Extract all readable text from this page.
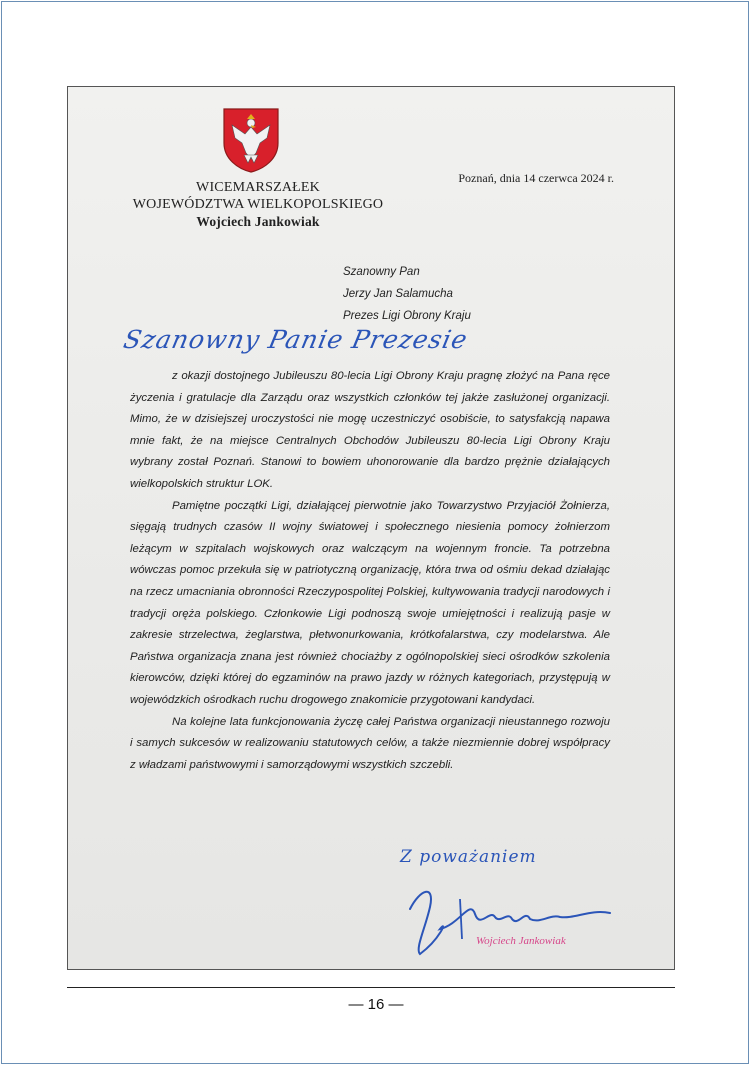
WICEMARSZAŁEK
WOJEWÓDZTWA WIELKOPOLSKIEGO
Wojciech Jankowiak
Poznań, dnia 14 czerwca 2024 r.
Szanowny Pan
Jerzy Jan Salamucha
Prezes Ligi Obrony Kraju
Szanowny Panie Prezesie

z okazji dostojnego Jubileuszu 80-lecia Ligi Obrony Kraju pragnę złożyć na Pana ręce życzenia i gratulacje dla Zarządu oraz wszystkich członków tej jakże zasłużonej organizacji. Mimo, że w dzisiejszej uroczystości nie mogę uczestniczyć osobiście, to satysfakcją napawa mnie fakt, że na miejsce Centralnych Obchodów Jubileuszu 80-lecia Ligi Obrony Kraju wybrany został Poznań. Stanowi to bowiem uhonorowanie dla bardzo prężnie działających wielkopolskich struktur LOK.

Pamiętne początki Ligi, działającej pierwotnie jako Towarzystwo Przyjaciół Żołnierza, sięgają trudnych czasów II wojny światowej i społecznego niesienia pomocy żołnierzom leżącym w szpitalach wojskowych oraz walczącym na wojennym froncie. Ta potrzebna wówczas pomoc przekuła się w patriotyczną organizację, która trwa od ośmiu dekad działając na rzecz umacniania obronności Rzeczypospolitej Polskiej, kultywowania tradycji narodowych i tradycji oręża polskiego. Członkowie Ligi podnoszą swoje umiejętności i realizują pasje w zakresie strzelectwa, żeglarstwa, płetwonurkowania, krótkofalarstwa, czy modelarstwa. Ale Państwa organizacja znana jest również chociażby z ogólnopolskiej sieci ośrodków szkolenia kierowców, dzięki której do egzaminów na prawo jazdy w różnych kategoriach, przystępują w wojewódzkich ośrodkach ruchu drogowego znakomicie przygotowani kandydaci.

Na kolejne lata funkcjonowania życzę całej Państwa organizacji nieustannego rozwoju i samych sukcesów w realizowaniu statutowych celów, a także niezmiennie dobrej współpracy z władzami państwowymi i samorządowymi wszystkich szczebli.

Z poważaniem
Wojciech Jankowiak
— 16 —
